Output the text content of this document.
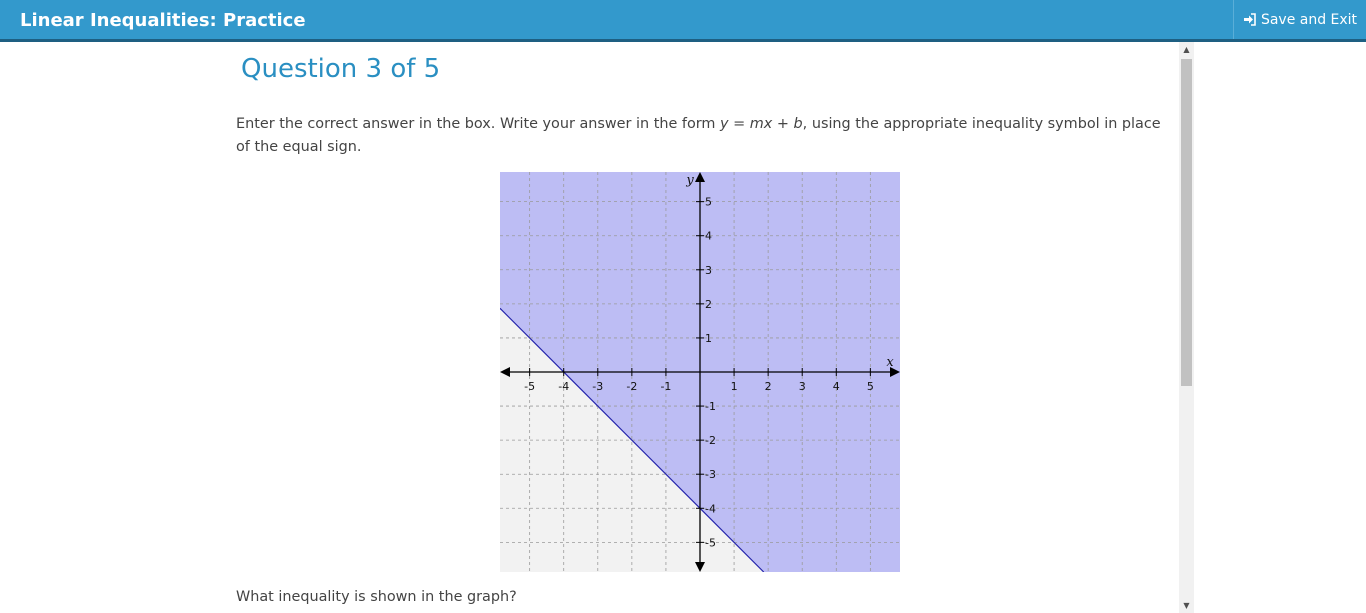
Linear Inequalities: Practice	Save and Exit
Question 3 of 5
Enter the correct answer in the box. Write your answer in the form y = mx + b, using the appropriate inequality symbol in place of the equal sign.
-5 -4 -3 -2 -1	1 2 3 4 5
5
4
3
2
1
-1
-2
-3
-4
-5
x
y
What inequality is shown in the graph?
▲
▼
